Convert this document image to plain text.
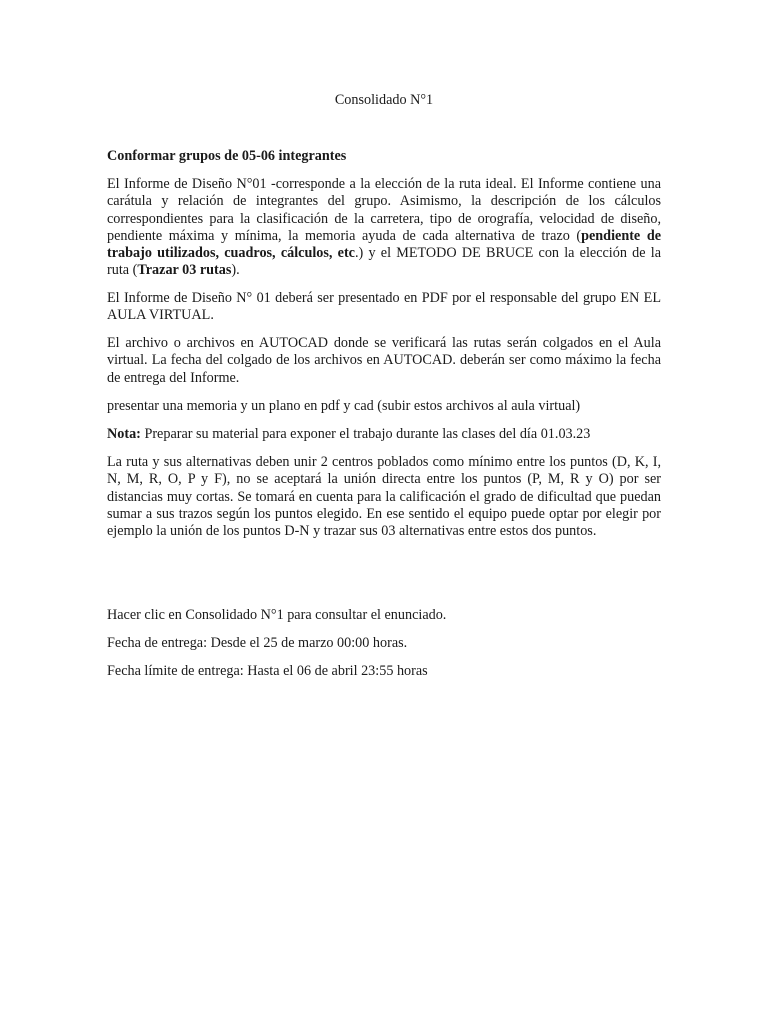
Consolidado N°1

Conformar grupos de 05-06 integrantes

El Informe de Diseño N°01 -corresponde a la elección de la ruta ideal. El Informe contiene una carátula y relación de integrantes del grupo. Asimismo, la descripción de los cálculos correspondientes para la clasificación de la carretera, tipo de orografía, velocidad de diseño, pendiente máxima y mínima, la memoria ayuda de cada alternativa de trazo (pendiente de trabajo utilizados, cuadros, cálculos, etc.) y el METODO DE BRUCE con la elección de la ruta (Trazar 03 rutas).

El Informe de Diseño N° 01 deberá ser presentado en PDF por el responsable del grupo EN EL AULA VIRTUAL.

El archivo o archivos en AUTOCAD donde se verificará las rutas serán colgados en el Aula virtual. La fecha del colgado de los archivos en AUTOCAD. deberán ser como máximo la fecha de entrega del Informe.

presentar una memoria y un plano en pdf y cad (subir estos archivos al aula virtual)

Nota: Preparar su material para exponer el trabajo durante las clases del día 01.03.23

La ruta y sus alternativas deben unir 2 centros poblados como mínimo entre los puntos (D, K, I, N, M, R, O, P y F), no se aceptará la unión directa entre los puntos (P, M, R y O) por ser distancias muy cortas. Se tomará en cuenta para la calificación el grado de dificultad que puedan sumar a sus trazos según los puntos elegido. En ese sentido el equipo puede optar por elegir por ejemplo la unión de los puntos D-N y trazar sus 03 alternativas entre estos dos puntos.

Hacer clic en Consolidado N°1 para consultar el enunciado.

Fecha de entrega: Desde el 25 de marzo 00:00 horas.

Fecha límite de entrega: Hasta el 06 de abril 23:55 horas
